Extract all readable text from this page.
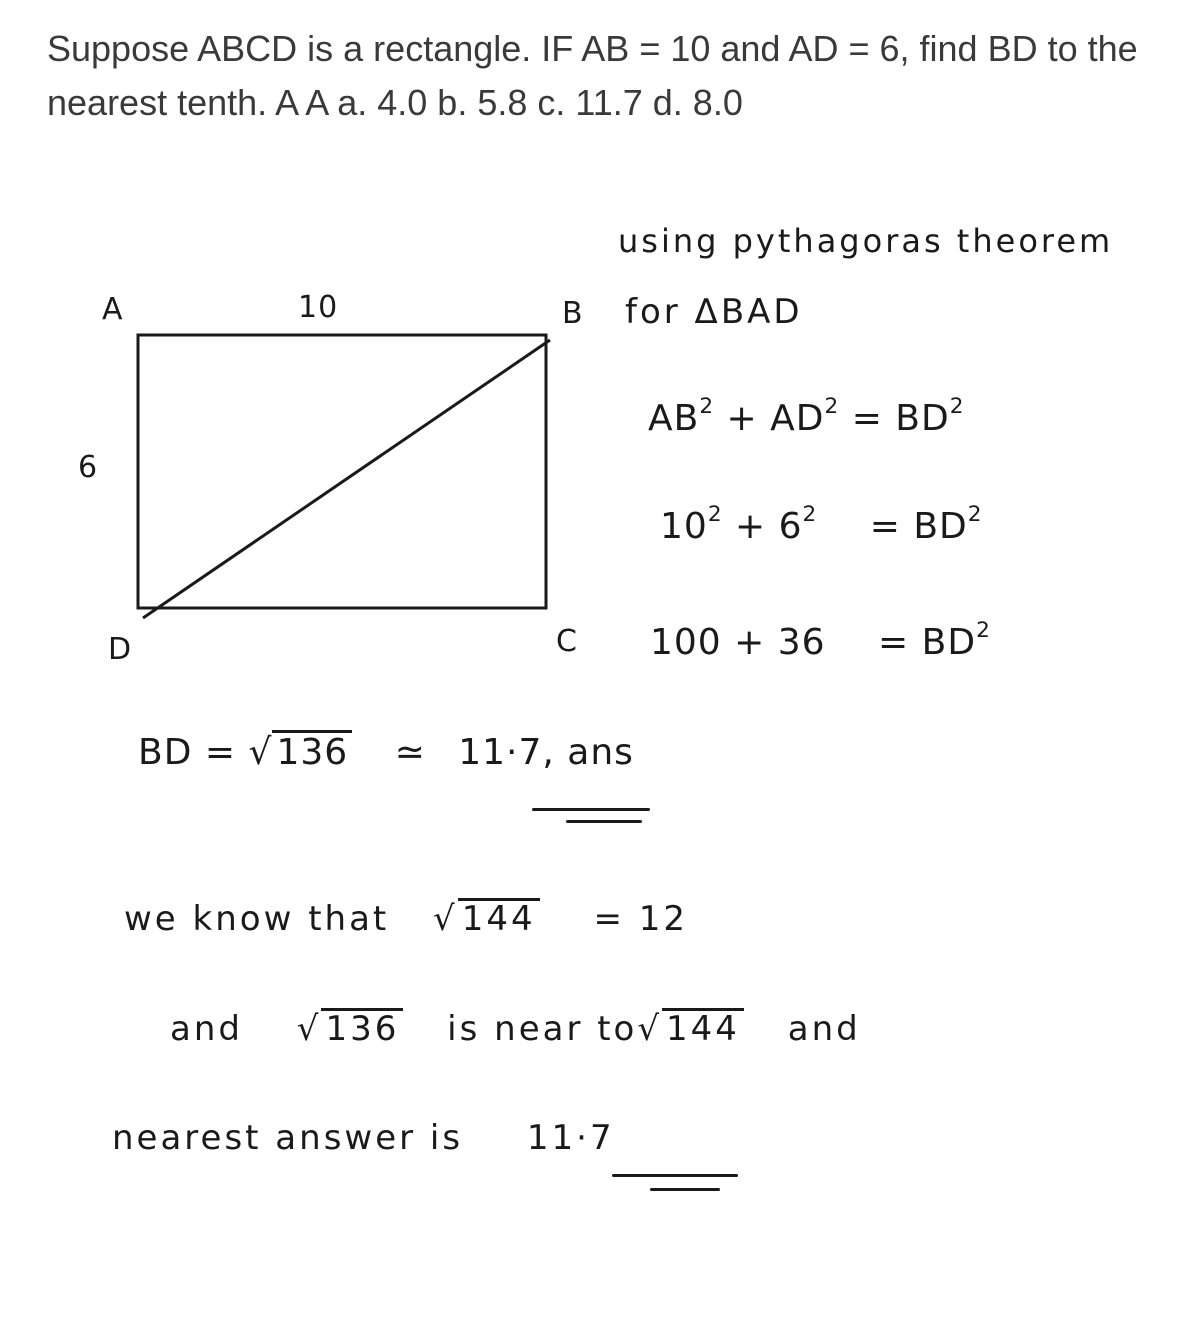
Suppose ABCD is a rectangle. IF AB = 10 and AD = 6, find BD to the nearest tenth. A A a. 4.0 b. 5.8 c. 11.7 d. 8.0

A	10	B
6
D	C
using pythagoras theorem
for ΔBAD
$AB^2 + AD^2 = BD^2$
$10^2 + 6^2 = BD^2$
$100 + 36 = BD^2$
BD = √ 136 ≃ 11·7, ans
we know that √ 144 = 12
and √ 136 is near to√ 144 and
nearest answer is 11·7
